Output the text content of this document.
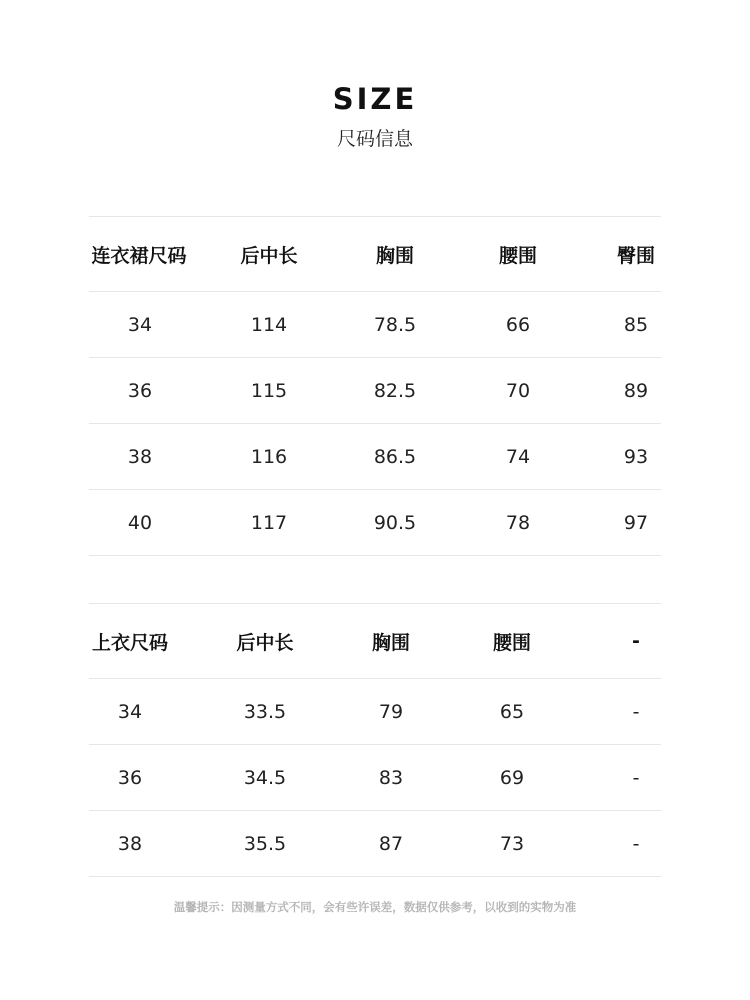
SIZE
尺码信息
连衣裙尺码	后中长	胸围	腰围	臀围
34	114	78.5	66	85
36	115	82.5	70	89
38	116	86.5	74	93
40	117	90.5	78	97
上衣尺码	后中长	胸围	腰围	-
34	33.5	79	65	-
36	34.5	83	69	-
38	35.5	87	73	-
温馨提示：因测量方式不同，会有些许误差，数据仅供参考，以收到的实物为准
